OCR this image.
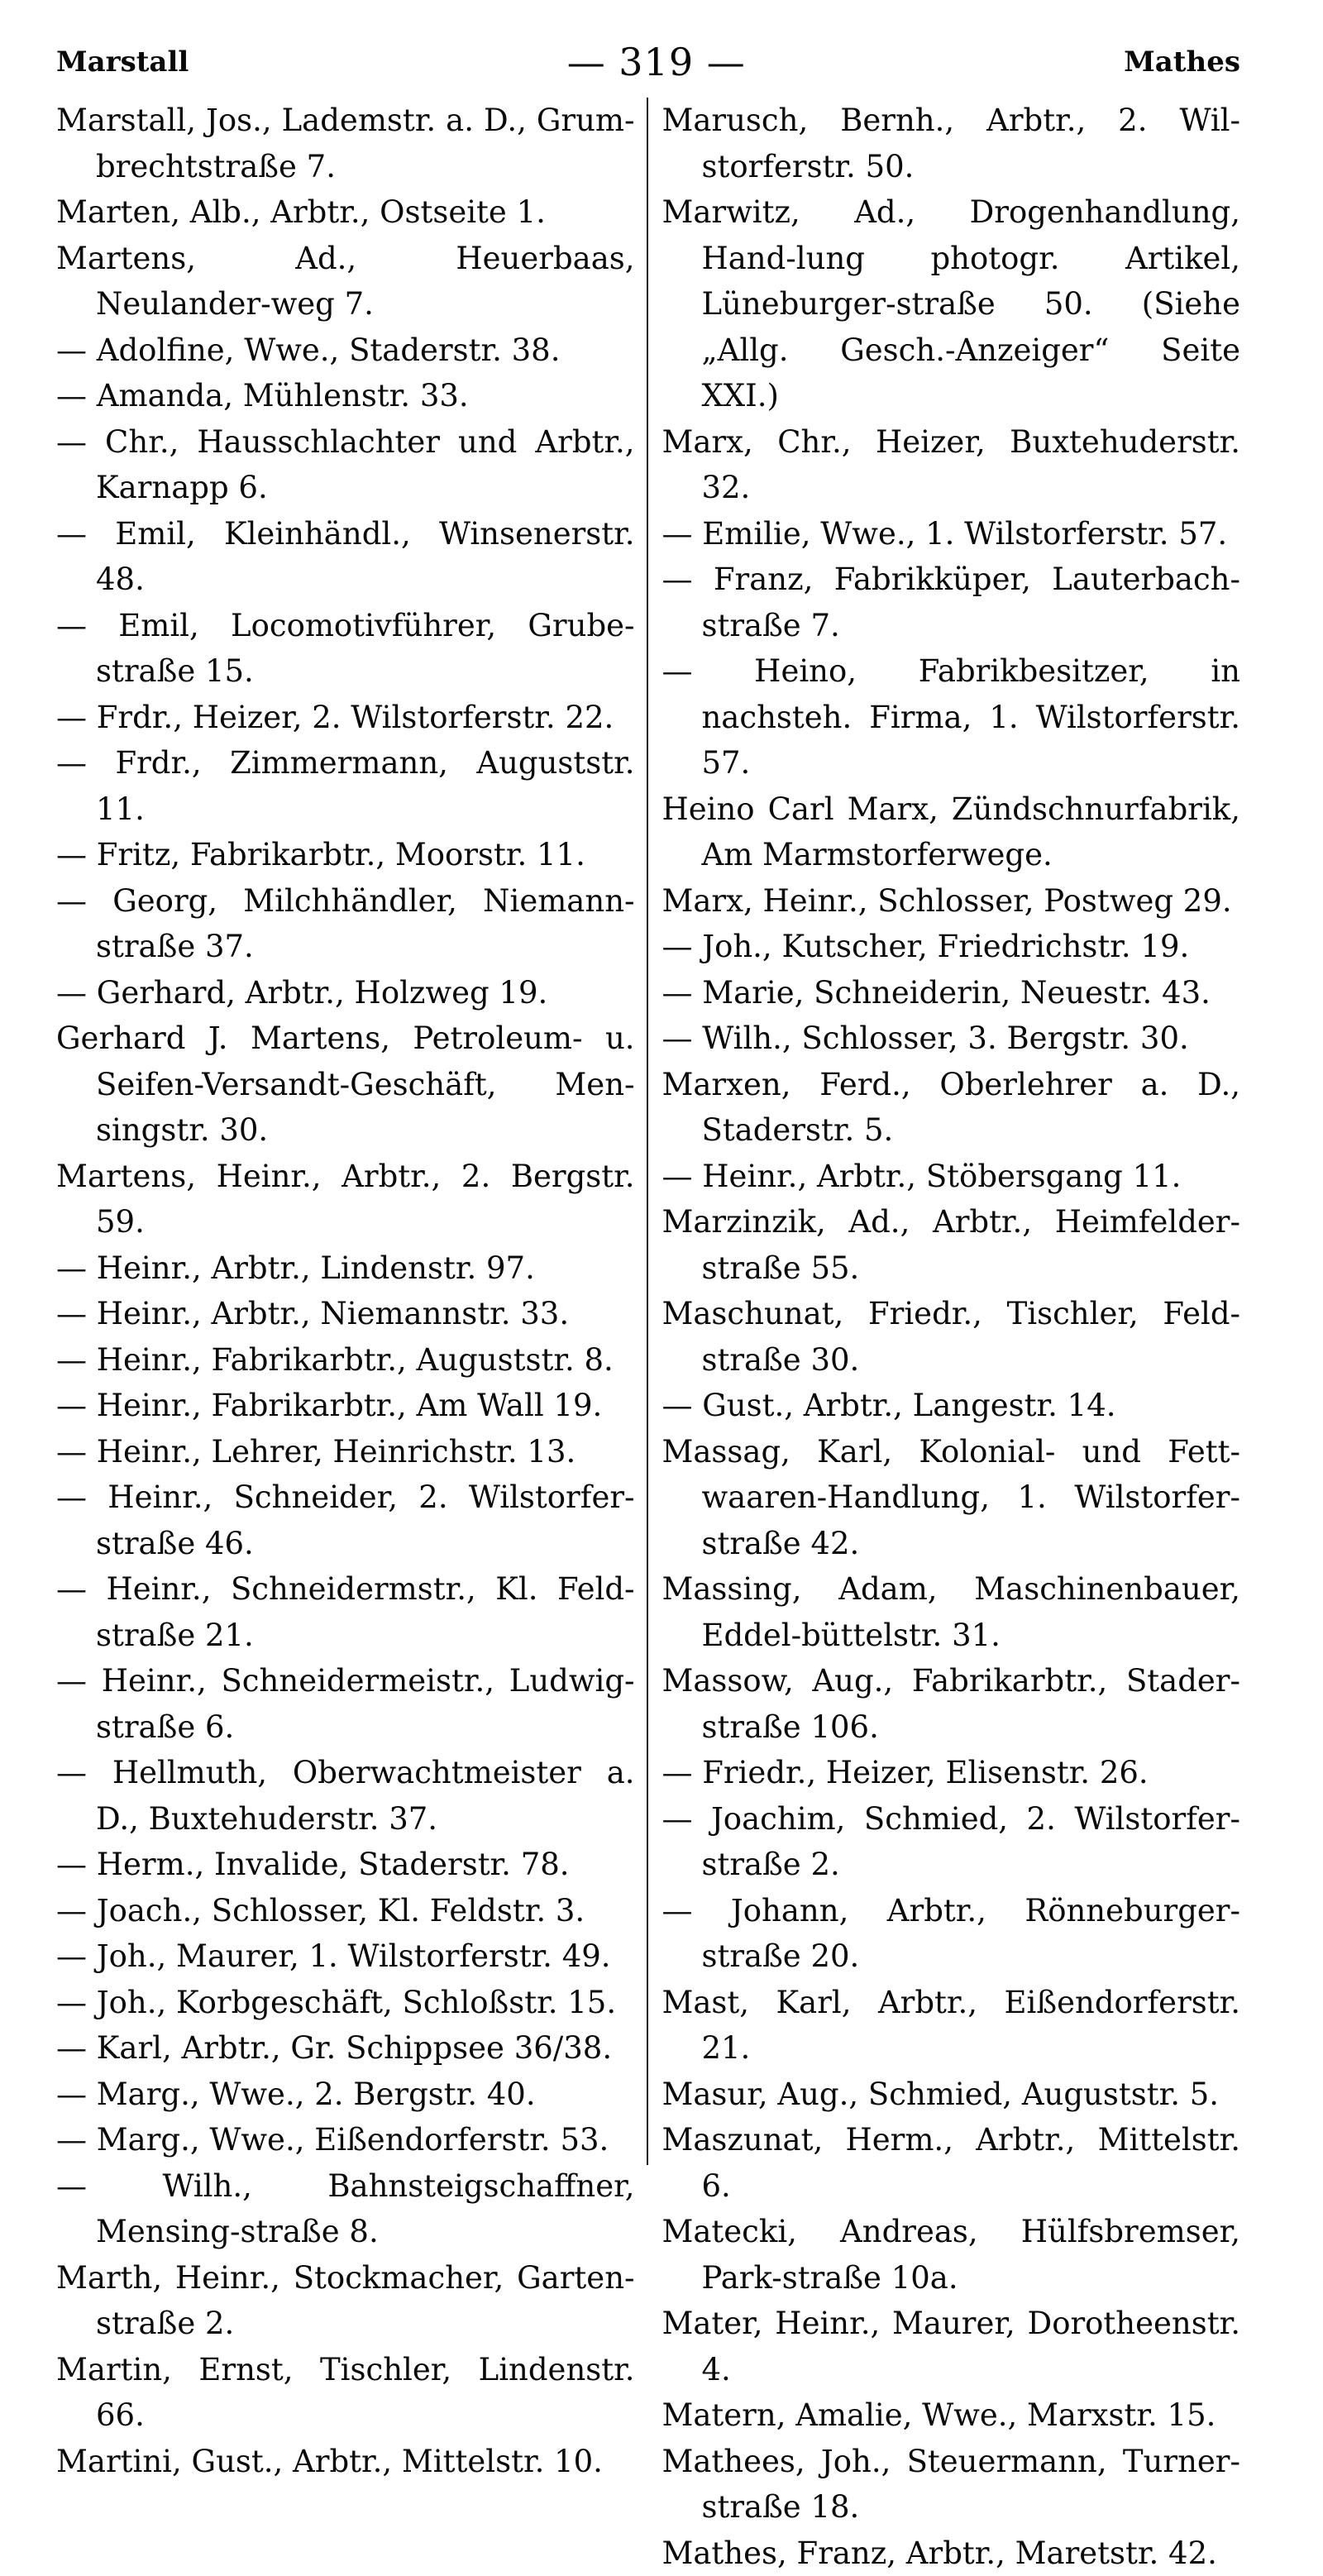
Marstall	— 319 —	Mathes

Marstall, Jos., Lademstr. a. D., Grum-brechtstraße 7.

Marten, Alb., Arbtr., Ostseite 1.

Martens, Ad., Heuerbaas, Neulander-weg 7.

— Adolfine, Wwe., Staderstr. 38.

— Amanda, Mühlenstr. 33.

— Chr., Hausschlachter und Arbtr., Karnapp 6.

— Emil, Kleinhändl., Winsenerstr. 48.

— Emil, Locomotivführer, Grube-straße 15.

— Frdr., Heizer, 2. Wilstorferstr. 22.

— Frdr., Zimmermann, Auguststr. 11.

— Fritz, Fabrikarbtr., Moorstr. 11.

— Georg, Milchhändler, Niemann-straße 37.

— Gerhard, Arbtr., Holzweg 19.

Gerhard J. Martens, Petroleum- u. Seifen-Versandt-Geschäft, Men-singstr. 30.

Martens, Heinr., Arbtr., 2. Bergstr. 59.

— Heinr., Arbtr., Lindenstr. 97.

— Heinr., Arbtr., Niemannstr. 33.

— Heinr., Fabrikarbtr., Auguststr. 8.

— Heinr., Fabrikarbtr., Am Wall 19.

— Heinr., Lehrer, Heinrichstr. 13.

— Heinr., Schneider, 2. Wilstorfer-straße 46.

— Heinr., Schneidermstr., Kl. Feld-straße 21.

— Heinr., Schneidermeistr., Ludwig-straße 6.

— Hellmuth, Oberwachtmeister a. D., Buxtehuderstr. 37.

— Herm., Invalide, Staderstr. 78.

— Joach., Schlosser, Kl. Feldstr. 3.

— Joh., Maurer, 1. Wilstorferstr. 49.

— Joh., Korbgeschäft, Schloßstr. 15.

— Karl, Arbtr., Gr. Schippsee 36/38.

— Marg., Wwe., 2. Bergstr. 40.

— Marg., Wwe., Eißendorferstr. 53.

— Wilh., Bahnsteigschaffner, Mensing-straße 8.

Marth, Heinr., Stockmacher, Garten-straße 2.

Martin, Ernst, Tischler, Lindenstr. 66.

Martini, Gust., Arbtr., Mittelstr. 10.

Marusch, Bernh., Arbtr., 2. Wil-storferstr. 50.

Marwitz, Ad., Drogenhandlung, Hand-lung photogr. Artikel, Lüneburger-straße 50. (Siehe „Allg. Gesch.-Anzeiger“ Seite XXI.)

Marx, Chr., Heizer, Buxtehuderstr. 32.

— Emilie, Wwe., 1. Wilstorferstr. 57.

— Franz, Fabrikküper, Lauterbach-straße 7.

— Heino, Fabrikbesitzer, in nachsteh. Firma, 1. Wilstorferstr. 57.

Heino Carl Marx, Zündschnurfabrik, Am Marmstorferwege.

Marx, Heinr., Schlosser, Postweg 29.

— Joh., Kutscher, Friedrichstr. 19.

— Marie, Schneiderin, Neuestr. 43.

— Wilh., Schlosser, 3. Bergstr. 30.

Marxen, Ferd., Oberlehrer a. D., Staderstr. 5.

— Heinr., Arbtr., Stöbersgang 11.

Marzinzik, Ad., Arbtr., Heimfelder-straße 55.

Maschunat, Friedr., Tischler, Feld-straße 30.

— Gust., Arbtr., Langestr. 14.

Massag, Karl, Kolonial- und Fett-waaren-Handlung, 1. Wilstorfer-straße 42.

Massing, Adam, Maschinenbauer, Eddel-büttelstr. 31.

Massow, Aug., Fabrikarbtr., Stader-straße 106.

— Friedr., Heizer, Elisenstr. 26.

— Joachim, Schmied, 2. Wilstorfer-straße 2.

— Johann, Arbtr., Rönneburger-straße 20.

Mast, Karl, Arbtr., Eißendorferstr. 21.

Masur, Aug., Schmied, Auguststr. 5.

Maszunat, Herm., Arbtr., Mittelstr. 6.

Matecki, Andreas, Hülfsbremser, Park-straße 10a.

Mater, Heinr., Maurer, Dorotheenstr. 4.

Matern, Amalie, Wwe., Marxstr. 15.

Mathees, Joh., Steuermann, Turner-straße 18.

Mathes, Franz, Arbtr., Maretstr. 42.
